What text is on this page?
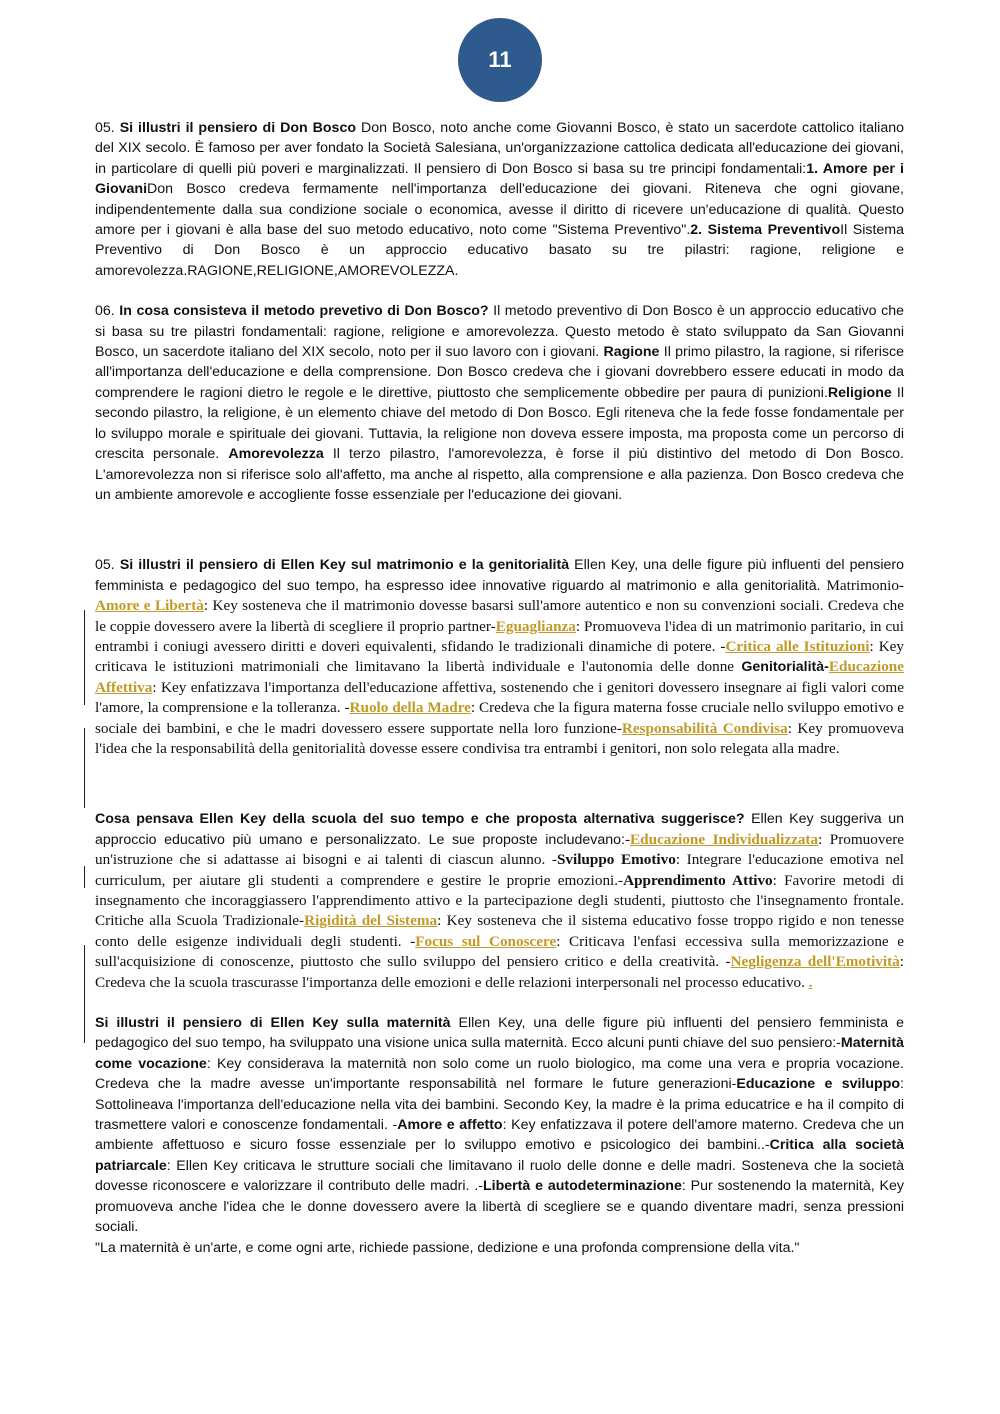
11

05. Si illustri il pensiero di Don Bosco Don Bosco, noto anche come Giovanni Bosco, è stato un sacerdote cattolico italiano del XIX secolo. È famoso per aver fondato la Società Salesiana, un'organizzazione cattolica dedicata all'educazione dei giovani, in particolare di quelli più poveri e marginalizzati. Il pensiero di Don Bosco si basa su tre principi fondamentali:1. Amore per i GiovaniDon Bosco credeva fermamente nell'importanza dell'educazione dei giovani. Riteneva che ogni giovane, indipendentemente dalla sua condizione sociale o economica, avesse il diritto di ricevere un'educazione di qualità. Questo amore per i giovani è alla base del suo metodo educativo, noto come "Sistema Preventivo".2. Sistema PreventivoIl Sistema Preventivo di Don Bosco è un approccio educativo basato su tre pilastri: ragione, religione e amorevolezza.RAGIONE,RELIGIONE,AMOREVOLEZZA.

06. In cosa consisteva il metodo prevetivo di Don Bosco? Il metodo preventivo di Don Bosco è un approccio educativo che si basa su tre pilastri fondamentali: ragione, religione e amorevolezza. Questo metodo è stato sviluppato da San Giovanni Bosco, un sacerdote italiano del XIX secolo, noto per il suo lavoro con i giovani. Ragione Il primo pilastro, la ragione, si riferisce all'importanza dell'educazione e della comprensione. Don Bosco credeva che i giovani dovrebbero essere educati in modo da comprendere le ragioni dietro le regole e le direttive, piuttosto che semplicemente obbedire per paura di punizioni.Religione Il secondo pilastro, la religione, è un elemento chiave del metodo di Don Bosco. Egli riteneva che la fede fosse fondamentale per lo sviluppo morale e spirituale dei giovani. Tuttavia, la religione non doveva essere imposta, ma proposta come un percorso di crescita personale. Amorevolezza Il terzo pilastro, l'amorevolezza, è forse il più distintivo del metodo di Don Bosco. L'amorevolezza non si riferisce solo all'affetto, ma anche al rispetto, alla comprensione e alla pazienza. Don Bosco credeva che un ambiente amorevole e accogliente fosse essenziale per l'educazione dei giovani.

05. Si illustri il pensiero di Ellen Key sul matrimonio e la genitorialità Ellen Key, una delle figure più influenti del pensiero femminista e pedagogico del suo tempo, ha espresso idee innovative riguardo al matrimonio e alla genitorialità. Matrimonio-Amore e Libertà: Key sosteneva che il matrimonio dovesse basarsi sull'amore autentico e non su convenzioni sociali. Credeva che le coppie dovessero avere la libertà di scegliere il proprio partner-Eguaglianza: Promuoveva l'idea di un matrimonio paritario, in cui entrambi i coniugi avessero diritti e doveri equivalenti, sfidando le tradizionali dinamiche di potere. -Critica alle Istituzioni: Key criticava le istituzioni matrimoniali che limitavano la libertà individuale e l'autonomia delle donne Genitorialità-Educazione Affettiva: Key enfatizzava l'importanza dell'educazione affettiva, sostenendo che i genitori dovessero insegnare ai figli valori come l'amore, la comprensione e la tolleranza. -Ruolo della Madre: Credeva che la figura materna fosse cruciale nello sviluppo emotivo e sociale dei bambini, e che le madri dovessero essere supportate nella loro funzione-Responsabilità Condivisa: Key promuoveva l'idea che la responsabilità della genitorialità dovesse essere condivisa tra entrambi i genitori, non solo relegata alla madre.

Cosa pensava Ellen Key della scuola del suo tempo e che proposta alternativa suggerisce? Ellen Key suggeriva un approccio educativo più umano e personalizzato. Le sue proposte includevano:-Educazione Individualizzata: Promuovere un'istruzione che si adattasse ai bisogni e ai talenti di ciascun alunno. -Sviluppo Emotivo: Integrare l'educazione emotiva nel curriculum, per aiutare gli studenti a comprendere e gestire le proprie emozioni.-Apprendimento Attivo: Favorire metodi di insegnamento che incoraggiassero l'apprendimento attivo e la partecipazione degli studenti, piuttosto che l'insegnamento frontale. Critiche alla Scuola Tradizionale-Rigidità del Sistema: Key sosteneva che il sistema educativo fosse troppo rigido e non tenesse conto delle esigenze individuali degli studenti. -Focus sul Conoscere: Criticava l'enfasi eccessiva sulla memorizzazione e sull'acquisizione di conoscenze, piuttosto che sullo sviluppo del pensiero critico e della creatività. -Negligenza dell'Emotività: Credeva che la scuola trascurasse l'importanza delle emozioni e delle relazioni interpersonali nel processo educativo. .

Si illustri il pensiero di Ellen Key sulla maternità Ellen Key, una delle figure più influenti del pensiero femminista e pedagogico del suo tempo, ha sviluppato una visione unica sulla maternità. Ecco alcuni punti chiave del suo pensiero:-Maternità come vocazione: Key considerava la maternità non solo come un ruolo biologico, ma come una vera e propria vocazione. Credeva che la madre avesse un'importante responsabilità nel formare le future generazioni-Educazione e sviluppo: Sottolineava l'importanza dell'educazione nella vita dei bambini. Secondo Key, la madre è la prima educatrice e ha il compito di trasmettere valori e conoscenze fondamentali. -Amore e affetto: Key enfatizzava il potere dell'amore materno. Credeva che un ambiente affettuoso e sicuro fosse essenziale per lo sviluppo emotivo e psicologico dei bambini..-Critica alla società patriarcale: Ellen Key criticava le strutture sociali che limitavano il ruolo delle donne e delle madri. Sosteneva che la società dovesse riconoscere e valorizzare il contributo delle madri. .-Libertà e autodeterminazione: Pur sostenendo la maternità, Key promuoveva anche l'idea che le donne dovessero avere la libertà di scegliere se e quando diventare madri, senza pressioni sociali.

"La maternità è un'arte, e come ogni arte, richiede passione, dedizione e una profonda comprensione della vita."
